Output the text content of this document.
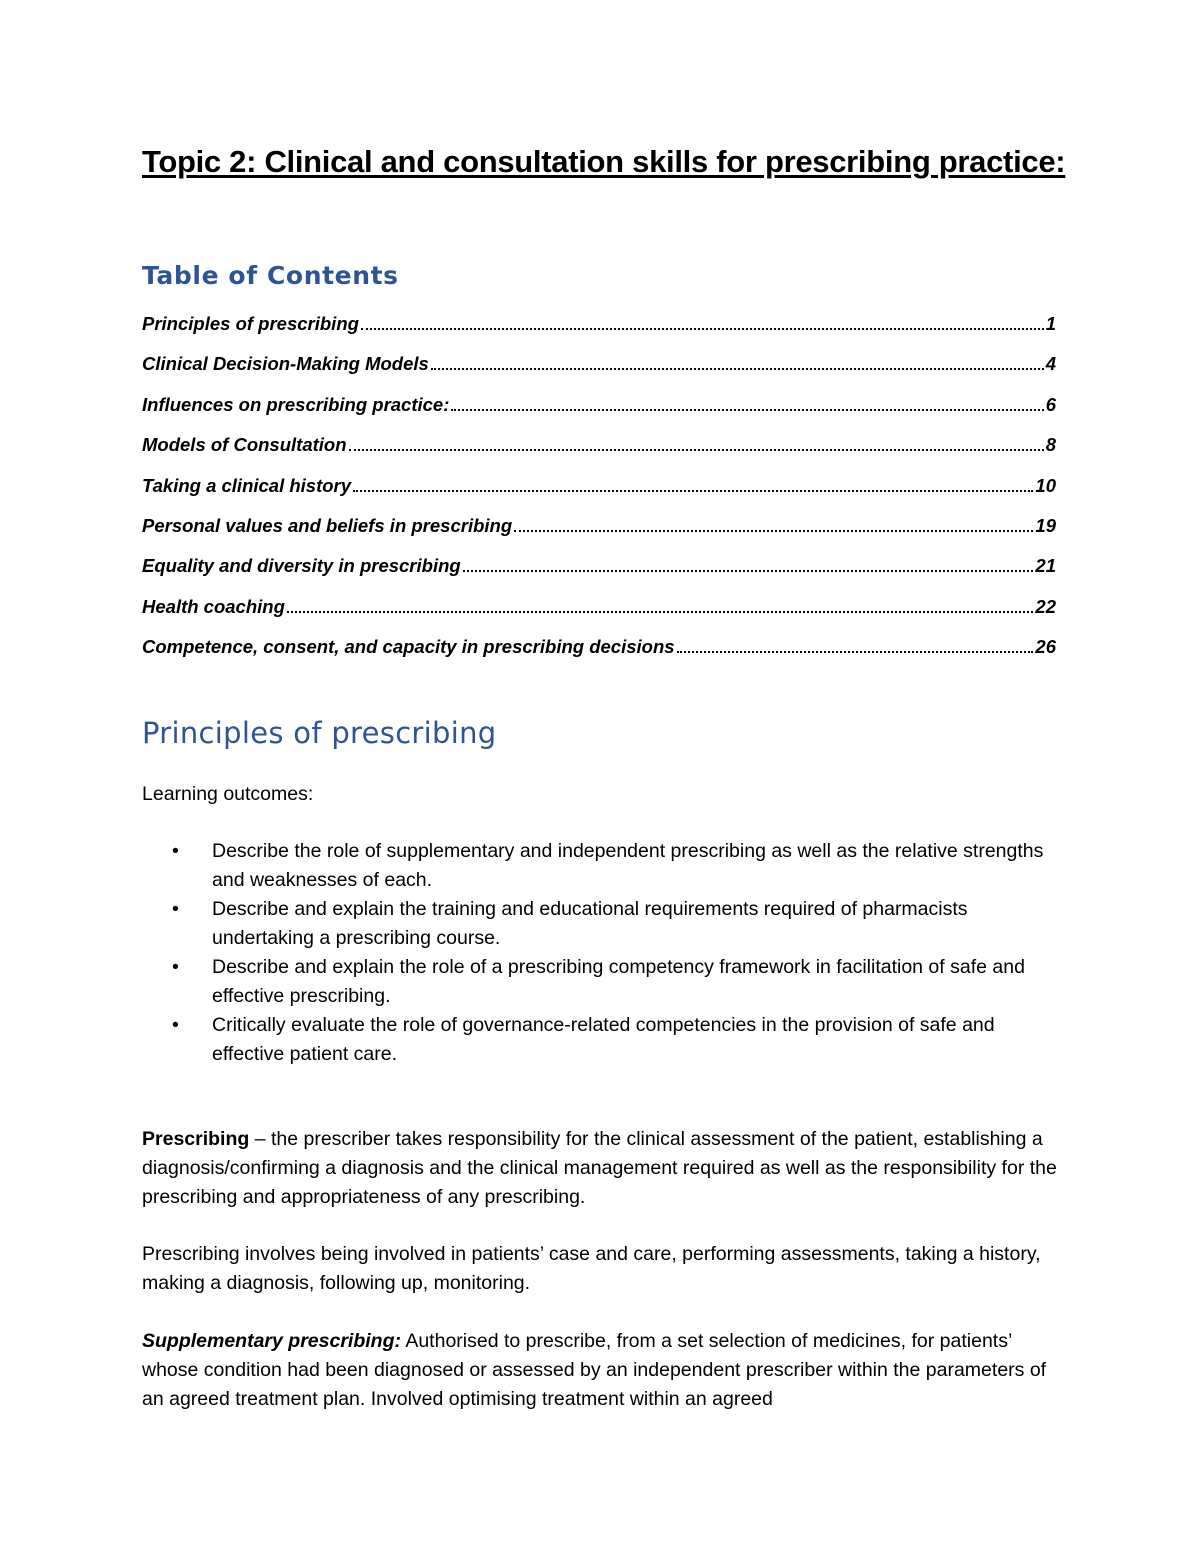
Topic 2: Clinical and consultation skills for prescribing practice:
Table of Contents
Principles of prescribing	1
Clinical Decision-Making Models	4
Influences on prescribing practice:	6
Models of Consultation	8
Taking a clinical history	10
Personal values and beliefs in prescribing	19
Equality and diversity in prescribing	21
Health coaching	22
Competence, consent, and capacity in prescribing decisions	26
Principles of prescribing
Learning outcomes:
• Describe the role of supplementary and independent prescribing as well as the relative strengths and weaknesses of each.
• Describe and explain the training and educational requirements required of pharmacists undertaking a prescribing course.
• Describe and explain the role of a prescribing competency framework in facilitation of safe and effective prescribing.
• Critically evaluate the role of governance-related competencies in the provision of safe and effective patient care.
Prescribing – the prescriber takes responsibility for the clinical assessment of the patient, establishing a diagnosis/confirming a diagnosis and the clinical management required as well as the responsibility for the prescribing and appropriateness of any prescribing.
Prescribing involves being involved in patients’ case and care, performing assessments, taking a history, making a diagnosis, following up, monitoring.
Supplementary prescribing: Authorised to prescribe, from a set selection of medicines, for patients’ whose condition had been diagnosed or assessed by an independent prescriber within the parameters of an agreed treatment plan. Involved optimising treatment within an agreed
